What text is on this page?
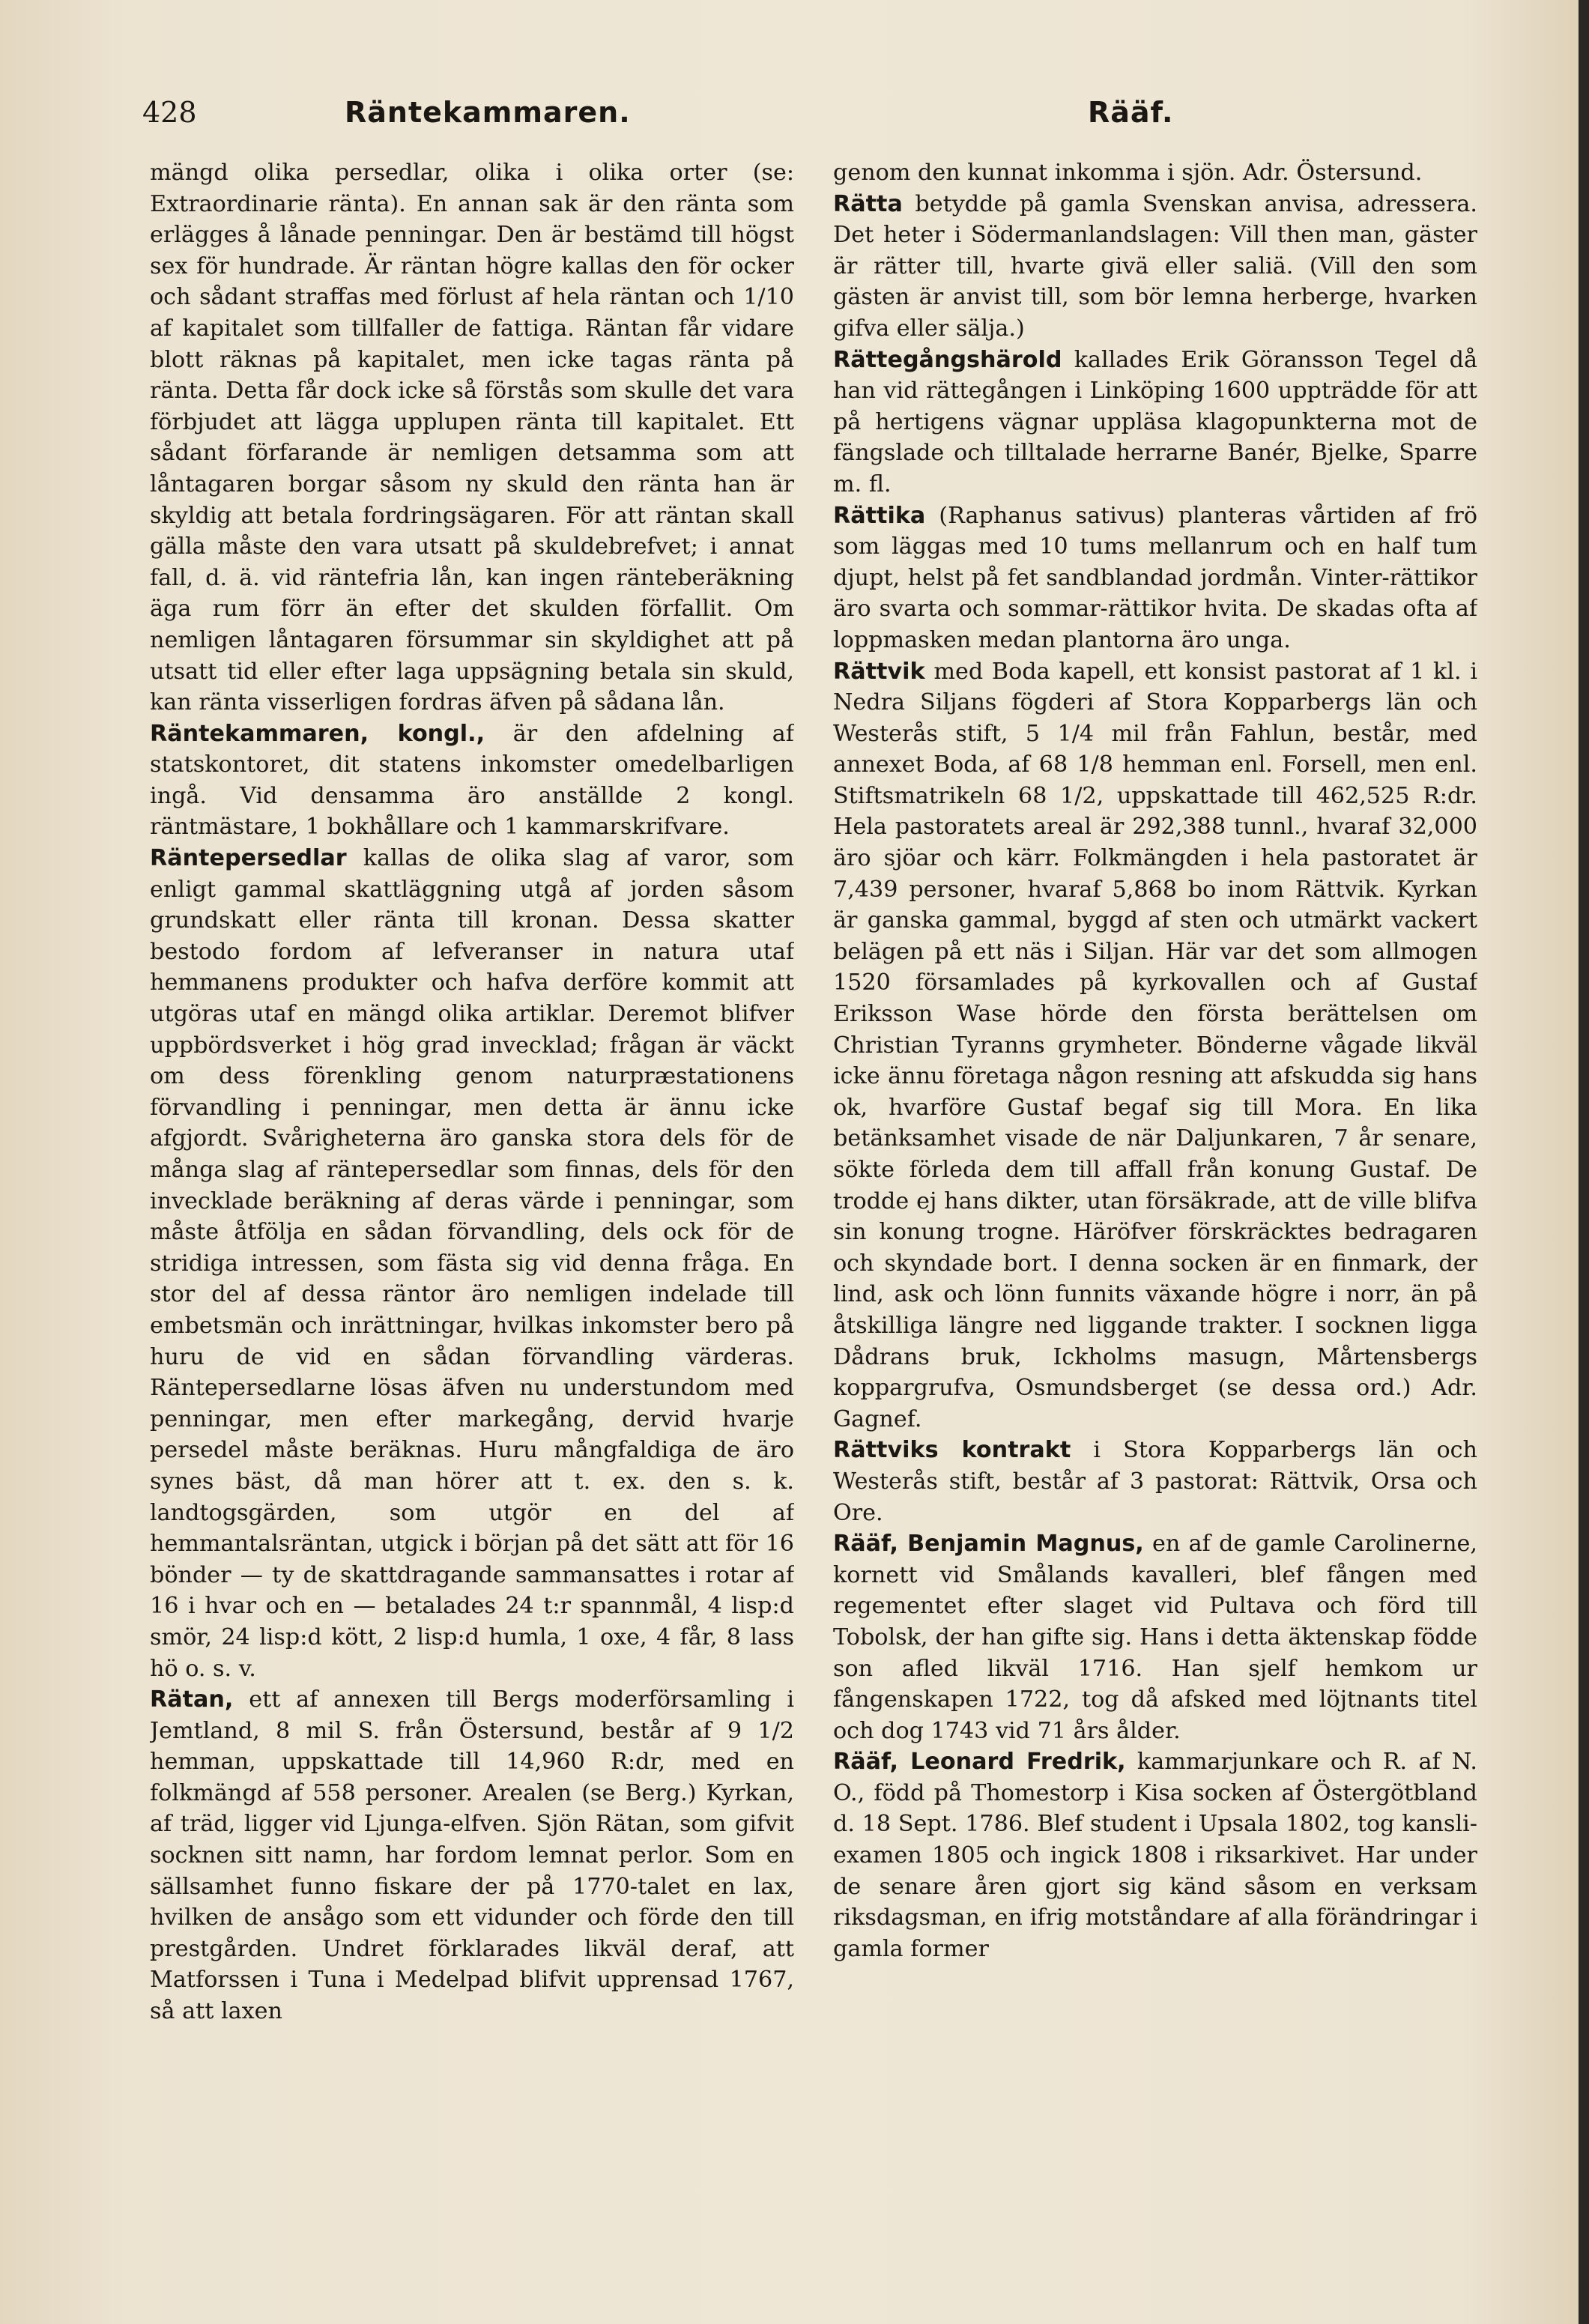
428	Räntekammaren.	Rääf.

mängd olika persedlar, olika i olika orter (se: Extraordinarie ränta). En annan sak är den ränta som erlägges å lånade penningar. Den är bestämd till högst sex för hundrade. Är räntan högre kallas den för ocker och sådant straffas med förlust af hela räntan och 1/10 af kapitalet som tillfaller de fattiga. Räntan får vidare blott räknas på kapitalet, men icke tagas ränta på ränta. Detta får dock icke så förstås som skulle det vara förbjudet att lägga upplupen ränta till kapitalet. Ett sådant förfarande är nemligen detsamma som att låntagaren borgar såsom ny skuld den ränta han är skyldig att betala fordringsägaren. För att räntan skall gälla måste den vara utsatt på skuldebrefvet; i annat fall, d. ä. vid räntefria lån, kan ingen ränteberäkning äga rum förr än efter det skulden förfallit. Om nemligen låntagaren försummar sin skyldighet att på utsatt tid eller efter laga uppsägning betala sin skuld, kan ränta visserligen fordras äfven på sådana lån.

Räntekammaren, kongl., är den afdelning af statskontoret, dit statens inkomster omedelbarligen ingå. Vid densamma äro anställde 2 kongl. räntmästare, 1 bokhållare och 1 kammarskrifvare.

Räntepersedlar kallas de olika slag af varor, som enligt gammal skattläggning utgå af jorden såsom grundskatt eller ränta till kronan. Dessa skatter bestodo fordom af lefveranser in natura utaf hemmanens produkter och hafva derföre kommit att utgöras utaf en mängd olika artiklar. Deremot blifver uppbördsverket i hög grad invecklad; frågan är väckt om dess förenkling genom naturpræstationens förvandling i penningar, men detta är ännu icke afgjordt. Svårigheterna äro ganska stora dels för de många slag af räntepersedlar som finnas, dels för den invecklade beräkning af deras värde i penningar, som måste åtfölja en sådan förvandling, dels ock för de stridiga intressen, som fästa sig vid denna fråga. En stor del af dessa räntor äro nemligen indelade till embetsmän och inrättningar, hvilkas inkomster bero på huru de vid en sådan förvandling värderas. Räntepersedlarne lösas äfven nu understundom med penningar, men efter markegång, dervid hvarje persedel måste beräknas. Huru mångfaldiga de äro synes bäst, då man hörer att t. ex. den s. k. landtogsgärden, som utgör en del af hemmantalsräntan, utgick i början på det sätt att för 16 bönder — ty de skattdragande sammansattes i rotar af 16 i hvar och en — betalades 24 t:r spannmål, 4 lisp:d smör, 24 lisp:d kött, 2 lisp:d humla, 1 oxe, 4 får, 8 lass hö o. s. v.

Rätan, ett af annexen till Bergs moderförsamling i Jemtland, 8 mil S. från Östersund, består af 9 1/2 hemman, uppskattade till 14,960 R:dr, med en folkmängd af 558 personer. Arealen (se Berg.) Kyrkan, af träd, ligger vid Ljunga-elfven. Sjön Rätan, som gifvit socknen sitt namn, har fordom lemnat perlor. Som en sällsamhet funno fiskare der på 1770-talet en lax, hvilken de ansågo som ett vidunder och förde den till prestgården. Undret förklarades likväl deraf, att Matforssen i Tuna i Medelpad blifvit upprensad 1767, så att laxen

genom den kunnat inkomma i sjön. Adr. Östersund.

Rätta betydde på gamla Svenskan anvisa, adressera. Det heter i Södermanlandslagen: Vill then man, gäster är rätter till, hvarte givä eller saliä. (Vill den som gästen är anvist till, som bör lemna herberge, hvarken gifva eller sälja.)

Rättegångshärold kallades Erik Göransson Tegel då han vid rättegången i Linköping 1600 uppträdde för att på hertigens vägnar uppläsa klagopunkterna mot de fängslade och tilltalade herrarne Banér, Bjelke, Sparre m. fl.

Rättika (Raphanus sativus) planteras vårtiden af frö som läggas med 10 tums mellanrum och en half tum djupt, helst på fet sandblandad jordmån. Vinter-rättikor äro svarta och sommar-rättikor hvita. De skadas ofta af loppmasken medan plantorna äro unga.

Rättvik med Boda kapell, ett konsist pastorat af 1 kl. i Nedra Siljans fögderi af Stora Kopparbergs län och Westerås stift, 5 1/4 mil från Fahlun, består, med annexet Boda, af 68 1/8 hemman enl. Forsell, men enl. Stiftsmatrikeln 68 1/2, uppskattade till 462,525 R:dr. Hela pastoratets areal är 292,388 tunnl., hvaraf 32,000 äro sjöar och kärr. Folkmängden i hela pastoratet är 7,439 personer, hvaraf 5,868 bo inom Rättvik. Kyrkan är ganska gammal, byggd af sten och utmärkt vackert belägen på ett näs i Siljan. Här var det som allmogen 1520 församlades på kyrkovallen och af Gustaf Eriksson Wase hörde den första berättelsen om Christian Tyranns grymheter. Bönderne vågade likväl icke ännu företaga någon resning att afskudda sig hans ok, hvarföre Gustaf begaf sig till Mora. En lika betänksamhet visade de när Daljunkaren, 7 år senare, sökte förleda dem till affall från konung Gustaf. De trodde ej hans dikter, utan försäkrade, att de ville blifva sin konung trogne. Häröfver förskräcktes bedragaren och skyndade bort. I denna socken är en finmark, der lind, ask och lönn funnits växande högre i norr, än på åtskilliga längre ned liggande trakter. I socknen ligga Dådrans bruk, Ickholms masugn, Mårtensbergs koppargrufva, Osmundsberget (se dessa ord.) Adr. Gagnef.

Rättviks kontrakt i Stora Kopparbergs län och Westerås stift, består af 3 pastorat: Rättvik, Orsa och Ore.

Rääf, Benjamin Magnus, en af de gamle Carolinerne, kornett vid Smålands kavalleri, blef fången med regementet efter slaget vid Pultava och förd till Tobolsk, der han gifte sig. Hans i detta äktenskap födde son afled likväl 1716. Han sjelf hemkom ur fångenskapen 1722, tog då afsked med löjtnants titel och dog 1743 vid 71 års ålder.

Rääf, Leonard Fredrik, kammarjunkare och R. af N. O., född på Thomestorp i Kisa socken af Östergötbland d. 18 Sept. 1786. Blef student i Upsala 1802, tog kansli-examen 1805 och ingick 1808 i riksarkivet. Har under de senare åren gjort sig känd såsom en verksam riksdagsman, en ifrig motståndare af alla förändringar i gamla former
